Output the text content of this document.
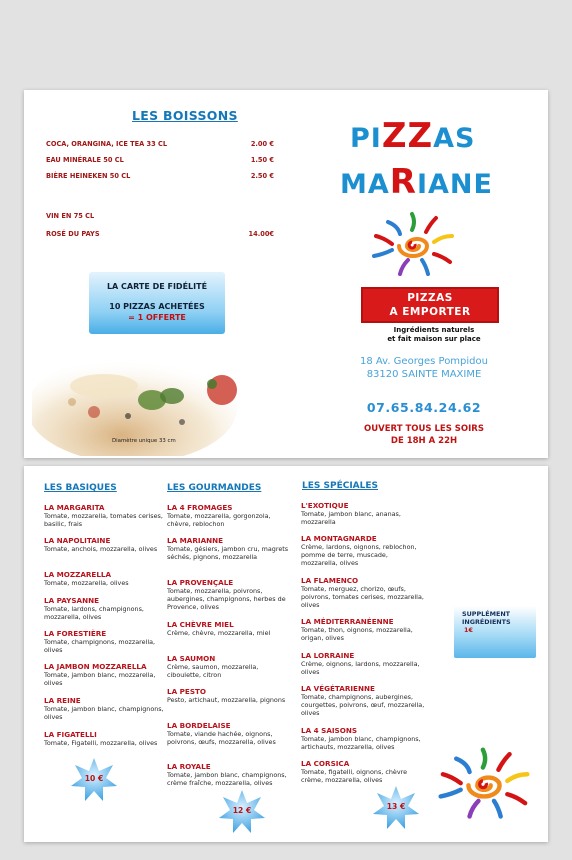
LES BOISSONS
COCA, ORANGINA, ICE TEA 33 CL	2.00 €
EAU MINÉRALE 50 CL	1.50 €
BIÈRE HEINEKEN 50 CL	2.50 €
VIN EN 75 CL
ROSÉ DU PAYS	14.00€
LA CARTE DE FIDÉLITÉ
10 PIZZAS ACHETÉES
= 1 OFFERTE
Diamètre unique 33 cm
PIZZAS
MARIANE
PIZZAS
A EMPORTER
Ingrédients naturels
et fait maison sur place
18 Av. Georges Pompidou
83120 SAINTE MAXIME
07.65.84.24.62
OUVERT TOUS LES SOIRS
DE 18H A 22H
LES BASIQUES
LA MARGARITA
Tomate, mozzarella, tomates cerises, basilic, frais
LA NAPOLITAINE
Tomate, anchois, mozzarella, olives
LA MOZZARELLA
Tomate, mozzarella, olives
LA PAYSANNE
Tomate, lardons, champignons, mozzarella, olives
LA FORESTIÈRE
Tomate, champignons, mozzarella, olives
LA JAMBON MOZZARELLA
Tomate, jambon blanc, mozzarella, olives
LA REINE
Tomate, jambon blanc, champignons, olives
LA FIGATELLI
Tomate, Figatelli, mozzarella, olives
10 €
LES GOURMANDES
LA 4 FROMAGES
Tomate, mozzarella, gorgonzola, chèvre, reblochon
LA MARIANNE
Tomate, gésiers, jambon cru, magrets séchés, pignons, mozzarella
LA PROVENÇALE
Tomate, mozzarella, poivrons, aubergines, champignons, herbes de Provence, olives
LA CHÈVRE MIEL
Crème, chèvre, mozzarella, miel
LA SAUMON
Crème, saumon, mozzarella, ciboulette, citron
LA PESTO
Pesto, artichaut, mozzarella, pignons
LA BORDELAISE
Tomate, viande hachée, oignons, poivrons, œufs, mozzarella, olives
LA ROYALE
Tomate, jambon blanc, champignons, crème fraîche, mozzarella, olives
12 €
LES SPÉCIALES
L'EXOTIQUE
Tomate, jambon blanc, ananas, mozzarella
LA MONTAGNARDE
Crème, lardons, oignons, reblochon, pomme de terre, muscade, mozzarella, olives
LA FLAMENCO
Tomate, merguez, chorizo, œufs, poivrons, tomates cerises, mozzarella, olives
LA MÉDITERRANÉENNE
Tomate, thon, oignons, mozzarella, origan, olives
LA LORRAINE
Crème, oignons, lardons, mozzarella, olives
LA VÉGÉTARIENNE
Tomate, champignons, aubergines, courgettes, poivrons, œuf, mozzarella, olives
LA 4 SAISONS
Tomate, jambon blanc, champignons, artichauts, mozzarella, olives
LA CORSICA
Tomate, figatelli, oignons, chèvre crème, mozzarella, olives
13 €
SUPPLÉMENT
INGRÉDIENTS
1€
